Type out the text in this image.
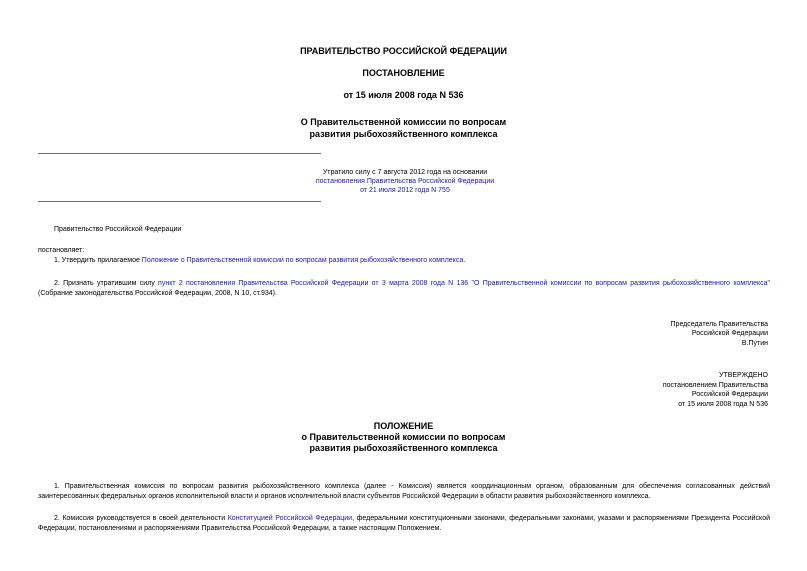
ПРАВИТЕЛЬСТВО РОССИЙСКОЙ ФЕДЕРАЦИИ
ПОСТАНОВЛЕНИЕ
от 15 июля 2008 года N 536
О Правительственной комиссии по вопросам
развития рыбохозяйственного комплекса
Утратило силу с 7 августа 2012 года на основании
постановления Правительства Российской Федерации
от 21 июля 2012 года N 755
Правительство Российской Федерации
постановляет:
1. Утвердить прилагаемое Положение о Правительственной комиссии по вопросам развития рыбохозяйственного комплекса.
2. Признать утратившим силу пункт 2 постановления Правительства Российской Федерации от 3 марта 2008 года N 136 "О Правительственной комиссии по вопросам развития рыбохозяйственного комплекса" (Собрание законодательства Российской Федерации, 2008, N 10, ст.934).
Председатель Правительства
Российской Федерации
В.Путин
УТВЕРЖДЕНО
постановлением Правительства
Российской Федерации
от 15 июля 2008 года N 536
ПОЛОЖЕНИЕ
о Правительственной комиссии по вопросам
развития рыбохозяйственного комплекса
1. Правительственная комиссия по вопросам развития рыбохозяйственного комплекса (далее - Комиссия) является координационным органом, образованным для обеспечения согласованных действий заинтересованных федеральных органов исполнительной власти и органов исполнительной власти субъектов Российской Федерации в области развития рыбохозяйственного комплекса.
2. Комиссия руководствуется в своей деятельности Конституцией Российской Федерации, федеральными конституционными законами, федеральными законами, указами и распоряжениями Президента Российской Федерации, постановлениями и распоряжениями Правительства Российской Федерации, а также настоящим Положением.
